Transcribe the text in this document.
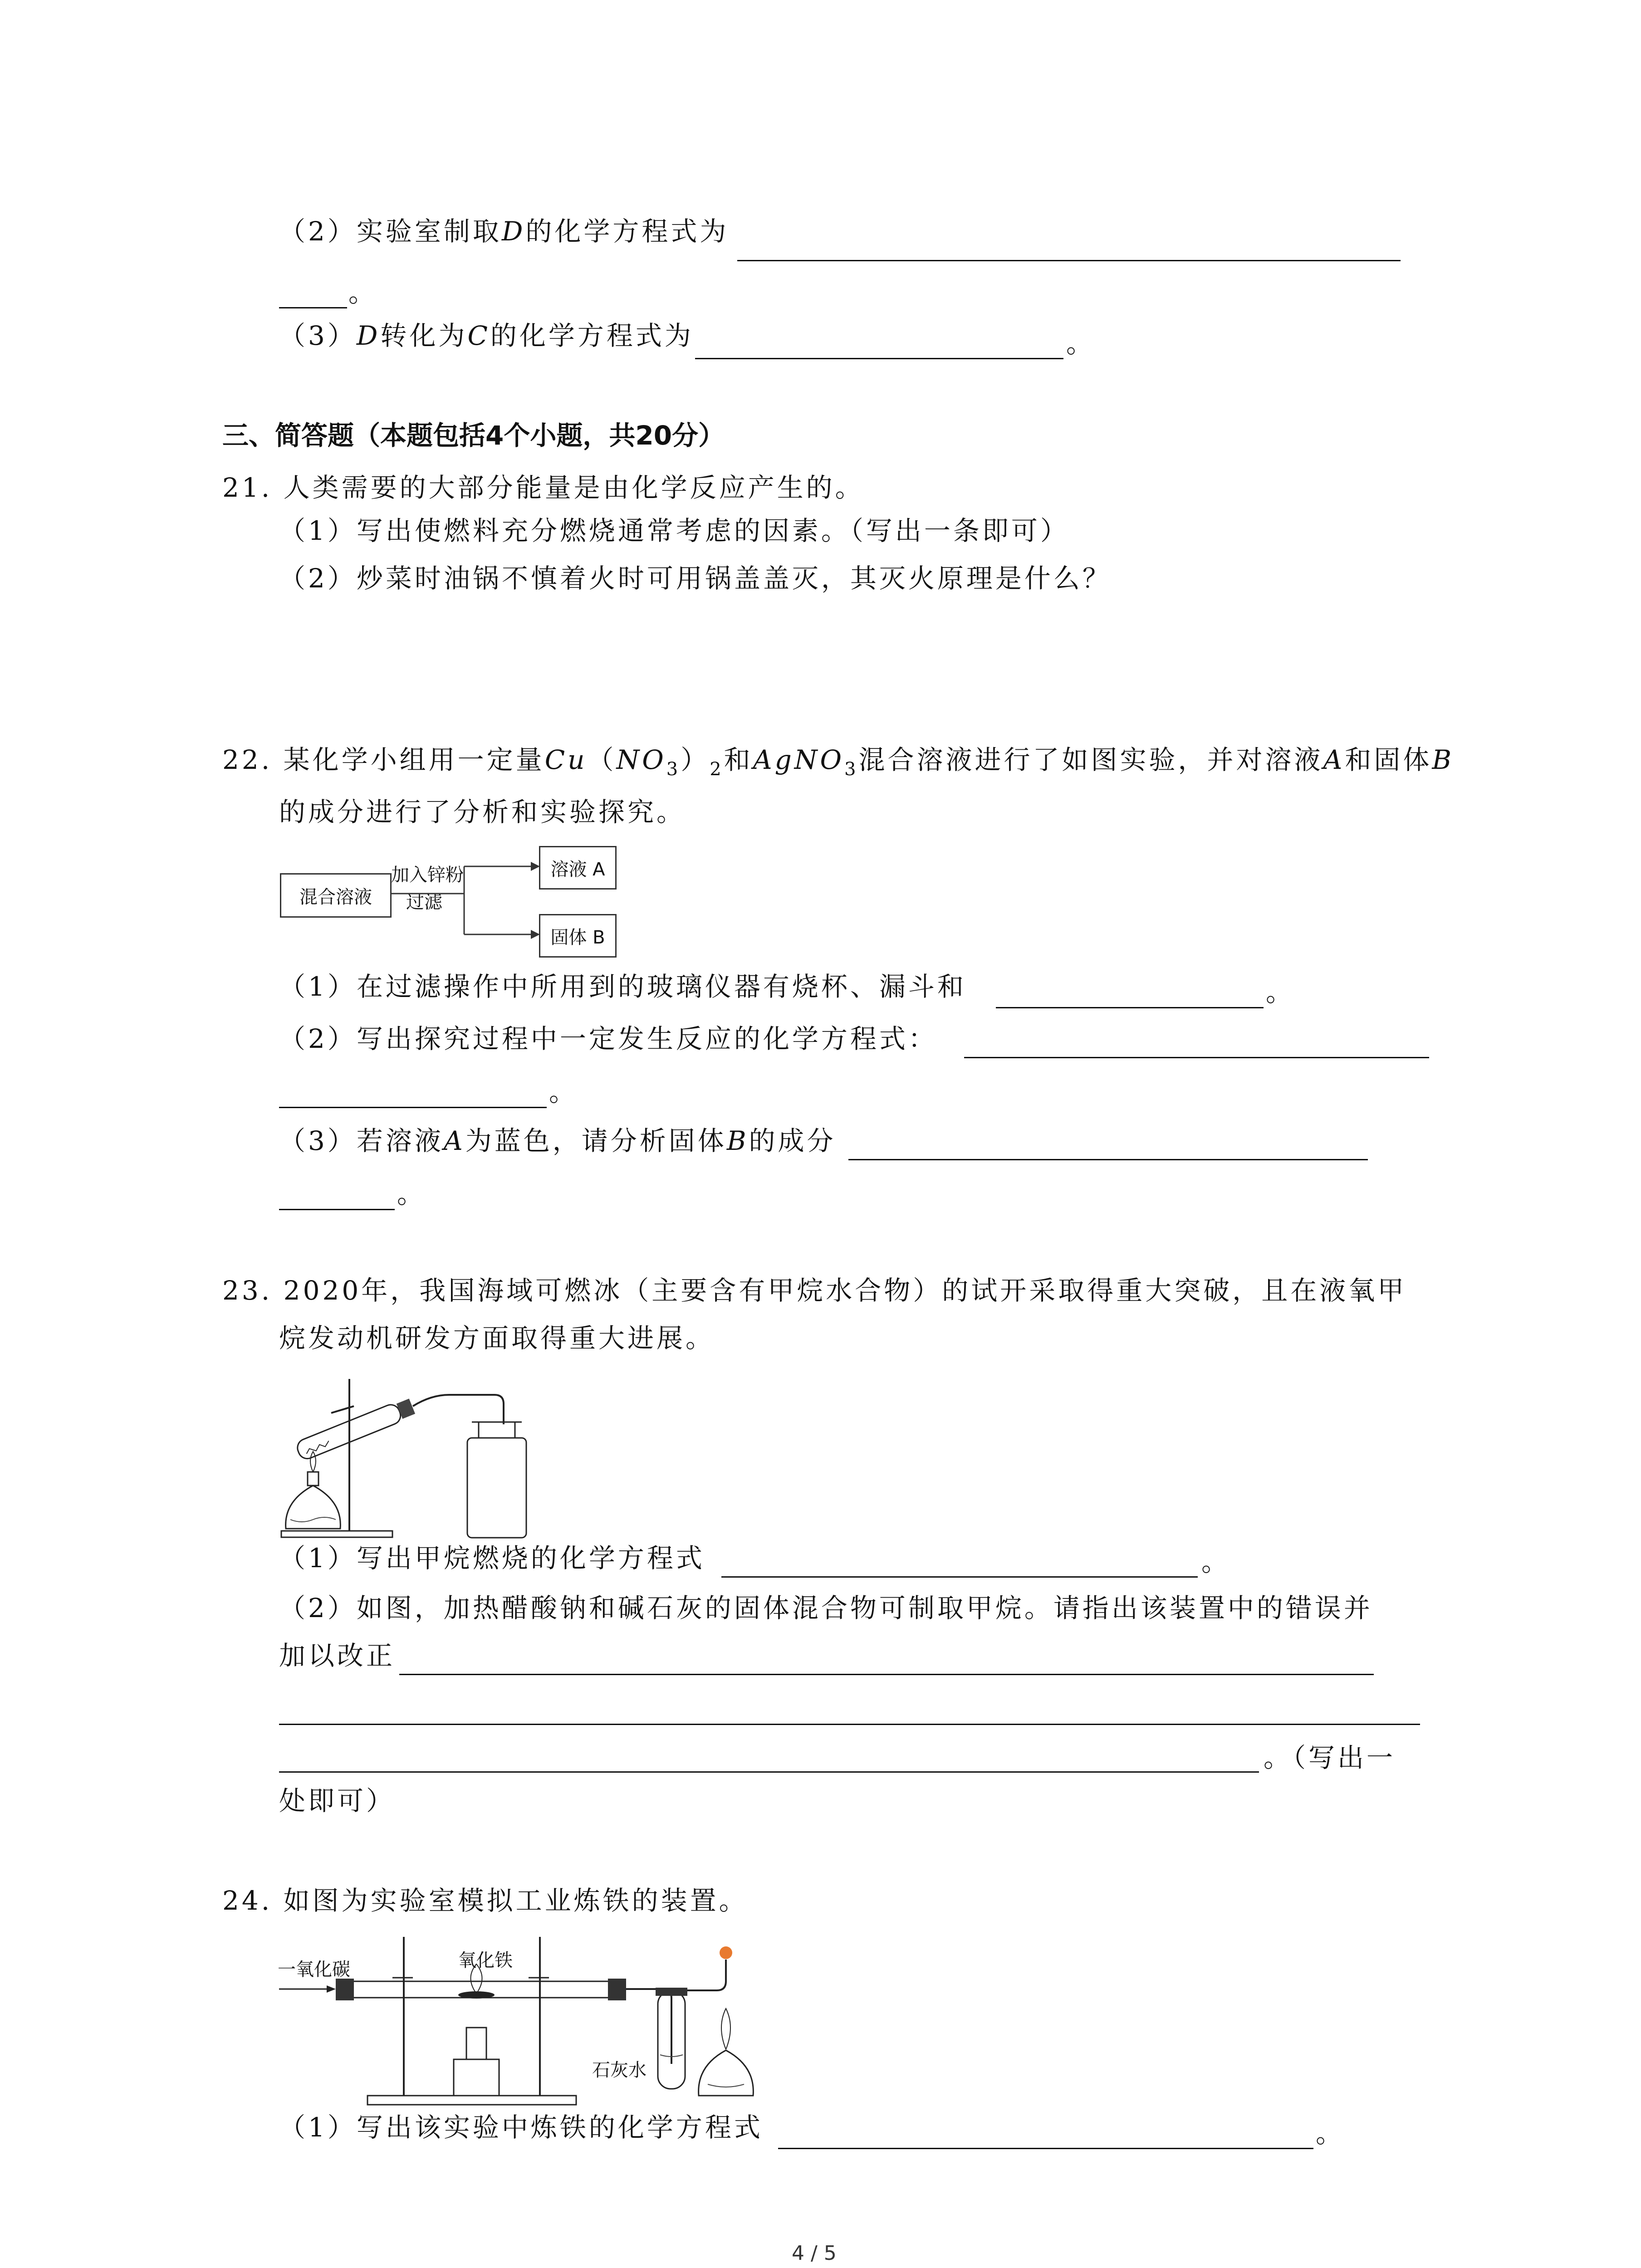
（2）实验室制取D的化学方程式为
。
（3）D转化为C的化学方程式为	。
三、简答题（本题包括4个小题，共20分）
21. 人类需要的大部分能量是由化学反应产生的。
（1）写出使燃料充分燃烧通常考虑的因素。（写出一条即可）
（2）炒菜时油锅不慎着火时可用锅盖盖灭，其灭火原理是什么？
22. 某化学小组用一定量$Cu(NO_3)_2$和AgNO$_3$混合溶液进行了如图实验，并对溶液A和固体B
的成分进行了分析和实验探究。
混合溶液
加入锌粉
过滤
溶液 A
固体 B
（1）在过滤操作中所用到的玻璃仪器有烧杯、漏斗和	。
（2）写出探究过程中一定发生反应的化学方程式：
。
（3）若溶液A为蓝色，请分析固体B的成分
。
23. 2020年，我国海域可燃冰（主要含有甲烷水合物）的试开采取得重大突破，且在液氧甲
烷发动机研发方面取得重大进展。
（1）写出甲烷燃烧的化学方程式	。
（2）如图，加热醋酸钠和碱石灰的固体混合物可制取甲烷。请指出该装置中的错误并
加以改正
。（写出一
处即可）
24. 如图为实验室模拟工业炼铁的装置。
一氧化碳	氧化铁
石灰水
（1）写出该实验中炼铁的化学方程式	。
4 / 5
